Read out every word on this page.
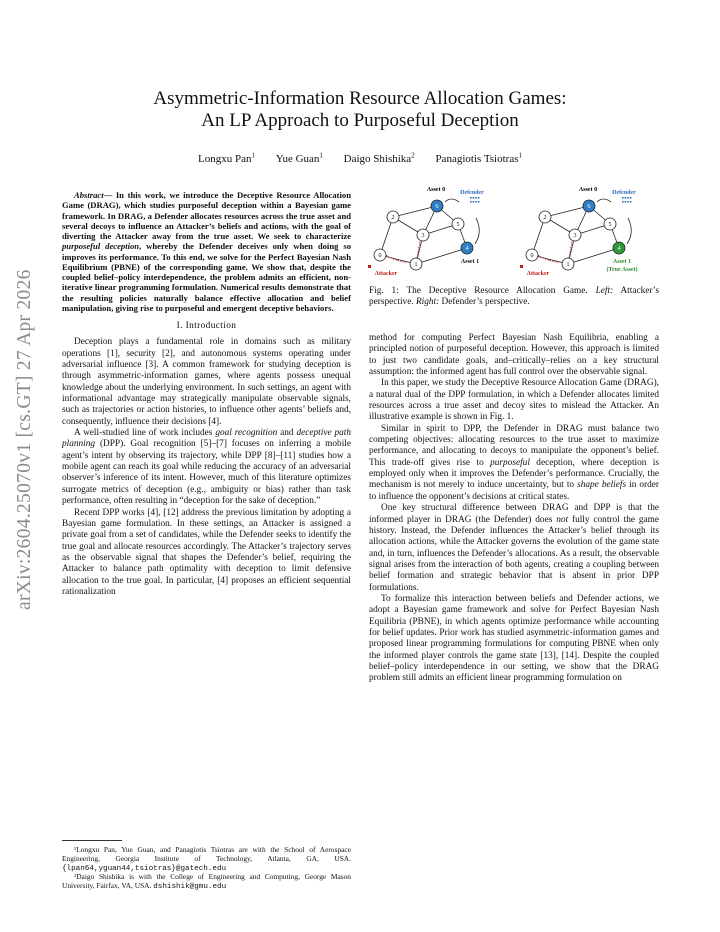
arXiv:2604.25070v1 [cs.GT] 27 Apr 2026
Asymmetric-Information Resource Allocation Games:
An LP Approach to Purposeful Deception
Longxu Pan$^1$ Yue Guan$^1$ Daigo Shishika$^2$ Panagiotis Tsiotras$^1$

Abstract— In this work, we introduce the Deceptive Resource Allocation Game (DRAG), which studies purposeful deception within a Bayesian game framework. In DRAG, a Defender allocates resources across the true asset and several decoys to influence an Attacker’s beliefs and actions, with the goal of diverting the Attacker away from the true asset. We seek to characterize purposeful deception, whereby the Defender deceives only when doing so improves its performance. To this end, we solve for the Perfect Bayesian Nash Equilibrium (PBNE) of the corresponding game. We show that, despite the coupled belief–policy interdependence, the problem admits an efficient, non-iterative linear programming formulation. Numerical results demonstrate that the resulting policies naturally balance effective allocation and belief manipulation, giving rise to purposeful and emergent deceptive behaviors.

I. Introduction

Deception plays a fundamental role in domains such as military operations [1], security [2], and autonomous systems operating under adversarial influence [3]. A common framework for studying deception is through asymmetric-information games, where agents possess unequal knowledge about the underlying environment. In such settings, an agent with informational advantage may strategically manipulate observable signals, such as trajectories or action histories, to influence other agents’ beliefs and, consequently, influence their decisions [4].

A well-studied line of work includes goal recognition and deceptive path planning (DPP). Goal recognition [5]–[7] focuses on inferring a mobile agent’s intent by observing its trajectory, while DPP [8]–[11] studies how a mobile agent can reach its goal while reducing the accuracy of an adversarial observer’s inference of its intent. However, much of this literature optimizes surrogate metrics of deception (e.g., ambiguity or bias) rather than task performance, often resulting in “deception for the sake of deception.”

Recent DPP works [4], [12] address the previous limitation by adopting a Bayesian game formulation. In these settings, an Attacker is assigned a private goal from a set of candidates, while the Defender seeks to identify the true goal and allocate resources accordingly. The Attacker’s trajectory serves as the observable signal that shapes the Defender’s belief, requiring the Attacker to balance path optimality with deception to limit defensive allocation to the true goal. In particular, [4] proposes an efficient sequential rationalization

¹Longxu Pan, Yue Guan, and Panagiotis Tsiotras are with the School of Aerospace Engineering, Georgia Institute of Technology, Atlanta, GA, USA. {lpan64,yguan44,tsiotras}@gatech.edu

²Daigo Shishika is with the College of Engineering and Computing, George Mason University, Fairfax, VA, USA. dshishik@gmu.edu

0
1
2
3
4
5
6
Asset 0	Defender
Asset 1
Attacker
0
1
2
3
4
5
6
Asset 0	Defender
Asset 1
Attacker
(True Asset)
Fig. 1: The Deceptive Resource Allocation Game. Left: Attacker’s perspective. Right: Defender’s perspective.

method for computing Perfect Bayesian Nash Equilibria, enabling a principled notion of purposeful deception. However, this approach is limited to just two candidate goals, and–critically–relies on a key structural assumption: the informed agent has full control over the observable signal.

In this paper, we study the Deceptive Resource Allocation Game (DRAG), a natural dual of the DPP formulation, in which a Defender allocates limited resources across a true asset and decoy sites to mislead the Attacker. An illustrative example is shown in Fig. 1.

Similar in spirit to DPP, the Defender in DRAG must balance two competing objectives: allocating resources to the true asset to maximize performance, and allocating to decoys to manipulate the opponent’s belief. This trade-off gives rise to purposeful deception, where deception is employed only when it improves the Defender’s performance. Crucially, the mechanism is not merely to induce uncertainty, but to shape beliefs in order to influence the opponent’s decisions at critical states.

One key structural difference between DRAG and DPP is that the informed player in DRAG (the Defender) does not fully control the game history. Instead, the Defender influences the Attacker’s belief through its allocation actions, while the Attacker governs the evolution of the game state and, in turn, influences the Defender’s allocations. As a result, the observable signal arises from the interaction of both agents, creating a coupling between belief formation and strategic behavior that is absent in prior DPP formulations.

To formalize this interaction between beliefs and Defender actions, we adopt a Bayesian game framework and solve for Perfect Bayesian Nash Equilibria (PBNE), in which agents optimize performance while accounting for belief updates. Prior work has studied asymmetric-information games and proposed linear programming formulations for computing PBNE when only the informed player controls the game state [13], [14]. Despite the coupled belief–policy interdependence in our setting, we show that the DRAG problem still admits an efficient linear programming formulation on
